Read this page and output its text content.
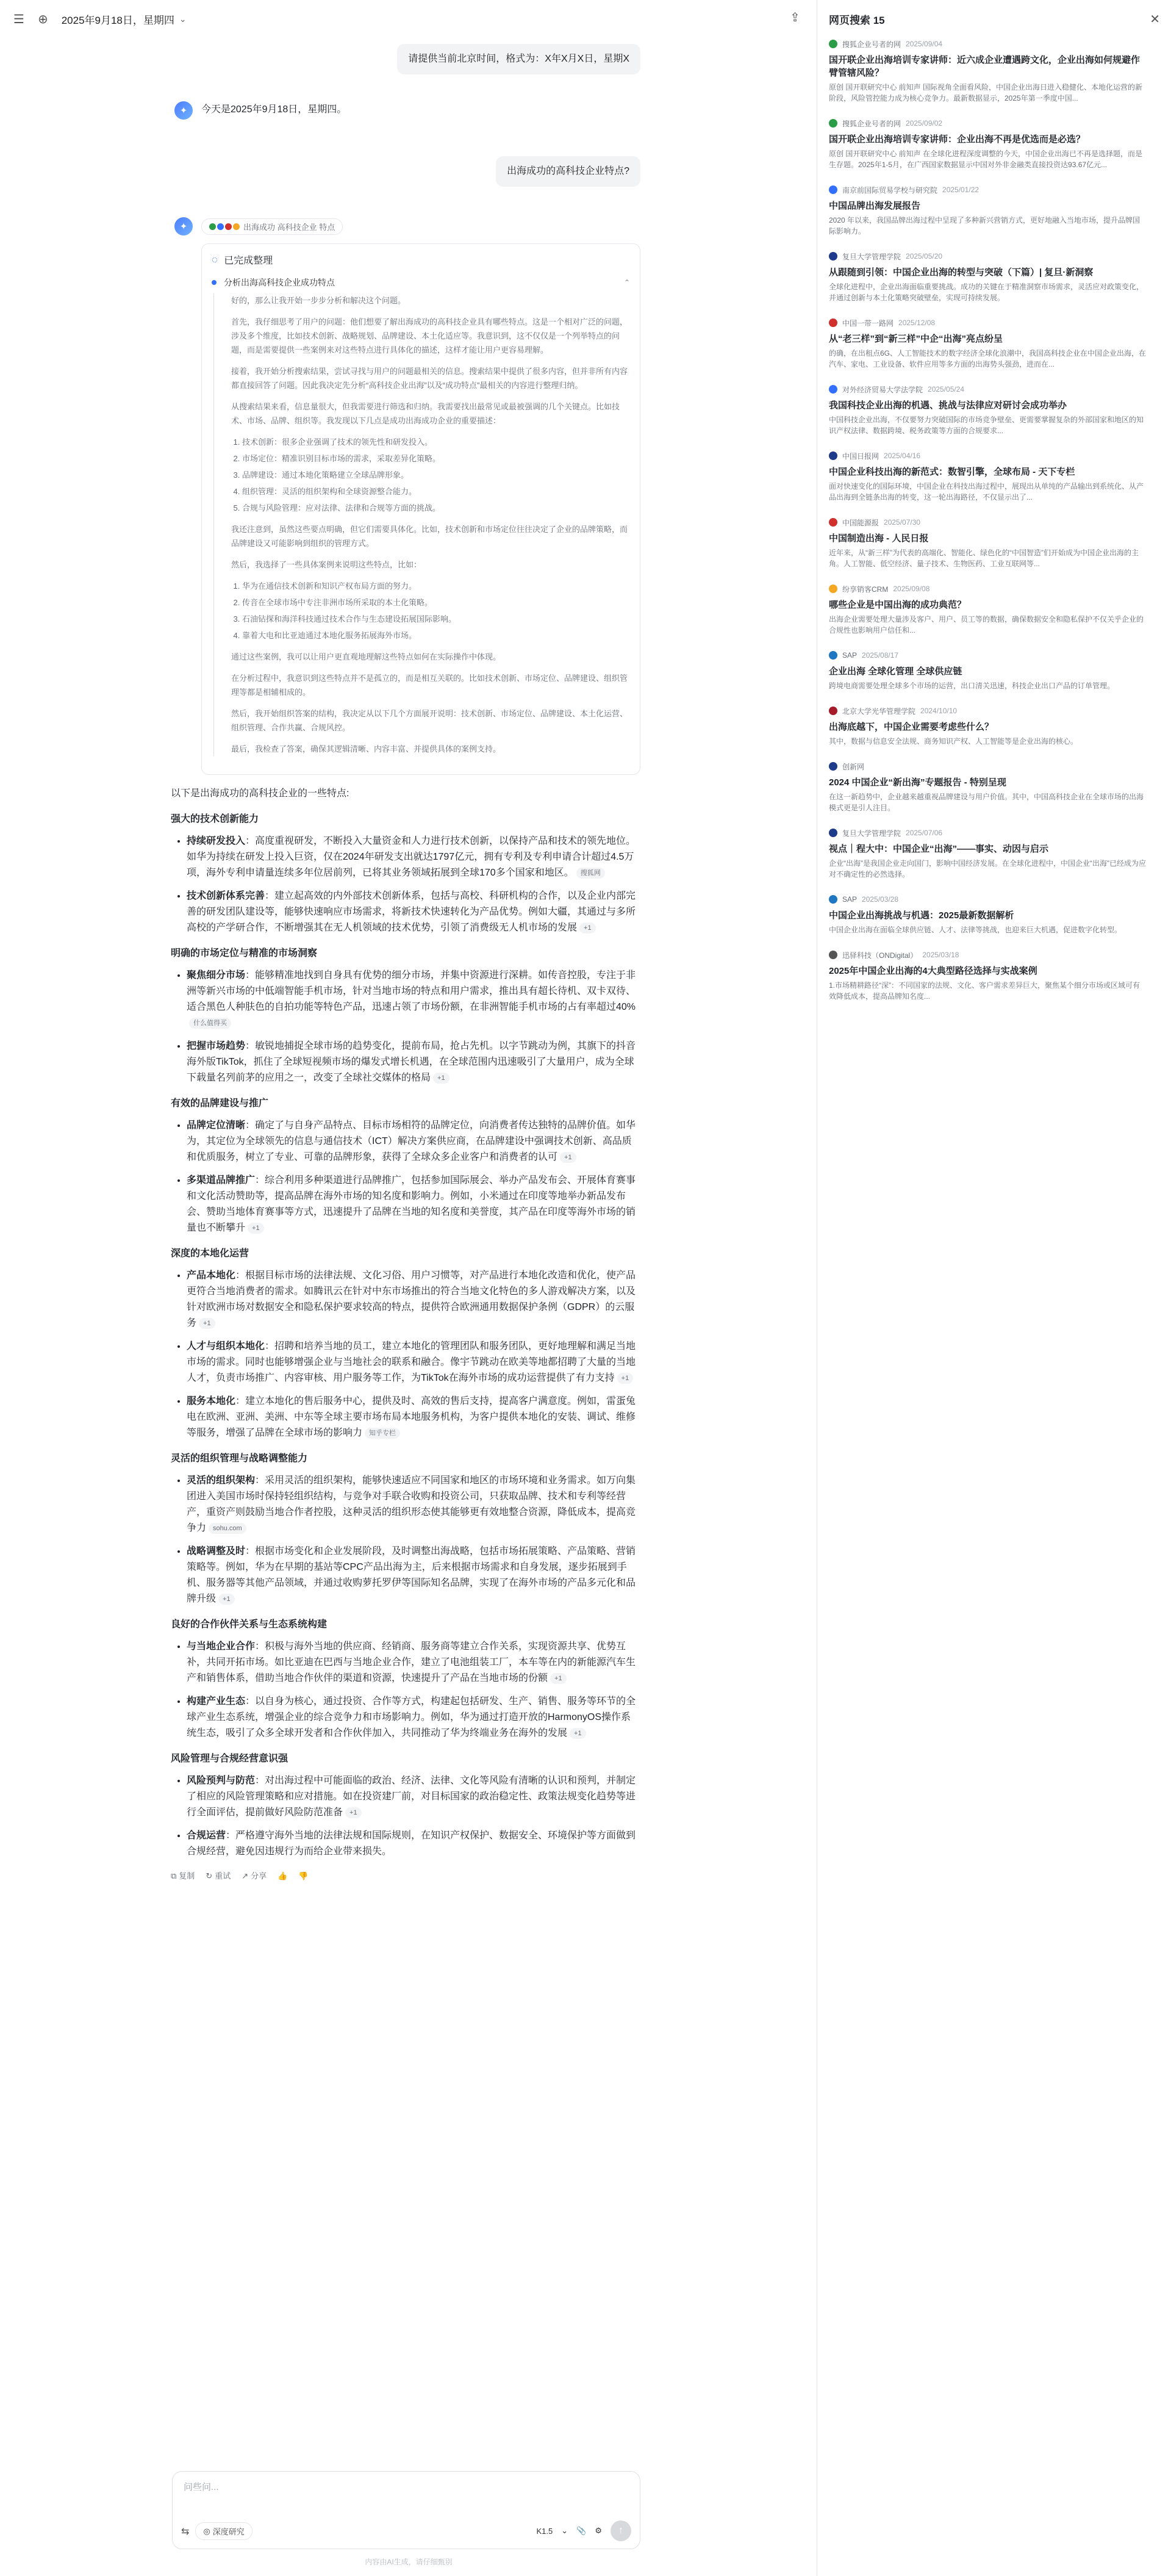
☰ ⊕ 2025年9月18日，星期四 ⌄	⇪
请提供当前北京时间，格式为：X年X月X日，星期X
✦	今天是2025年9月18日，星期四。
出海成功的高科技企业特点?
✦	出海成功 高科技企业 特点
◌ 已完成整理
分析出海高科技企业成功特点	⌃

好的，那么让我开始一步步分析和解决这个问题。

首先，我仔细思考了用户的问题：他们想要了解出海成功的高科技企业具有哪些特点。这是一个相对广泛的问题，涉及多个维度，比如技术创新、战略规划、品牌建设、本土化适应等。我意识到，这不仅仅是一个列举特点的问题，而是需要提供一些案例来对这些特点进行具体化的描述，这样才能让用户更容易理解。

接着，我开始分析搜索结果，尝试寻找与用户的问题最相关的信息。搜索结果中提供了很多内容，但并非所有内容都直接回答了问题。因此我决定先分析“高科技企业出海”以及“成功特点”最相关的内容进行整理归纳。

从搜索结果来看，信息量很大，但我需要进行筛选和归纳。我需要找出最常见或最被强调的几个关键点。比如技术、市场、品牌、组织等。我发现以下几点是成功出海成功企业的重要描述：

1. 技术创新：很多企业强调了技术的领先性和研发投入。
2. 市场定位：精准识别目标市场的需求，采取差异化策略。
3. 品牌建设：通过本地化策略建立全球品牌形象。
4. 组织管理：灵活的组织架构和全球资源整合能力。
5. 合规与风险管理：应对法律、法律和合规等方面的挑战。

我还注意到，虽然这些要点明确，但它们需要具体化。比如，技术创新和市场定位往往决定了企业的品牌策略，而品牌建设又可能影响到组织的管理方式。

然后，我选择了一些具体案例来说明这些特点，比如：

1. 华为在通信技术创新和知识产权布局方面的努力。
2. 传音在全球市场中专注非洲市场所采取的本土化策略。
3. 石油钻探和海洋科技通过技术合作与生态建设拓展国际影响。
4. 靠着大电和比亚迪通过本地化服务拓展海外市场。

通过这些案例，我可以让用户更直观地理解这些特点如何在实际操作中体现。

在分析过程中，我意识到这些特点并不是孤立的，而是相互关联的。比如技术创新、市场定位、品牌建设、组织管理等都是相辅相成的。

然后，我开始组织答案的结构，我决定从以下几个方面展开说明：技术创新、市场定位、品牌建设、本土化运营、组织管理、合作共赢、合规风控。

最后，我检查了答案，确保其逻辑清晰、内容丰富、并提供具体的案例支持。

以下是出海成功的高科技企业的一些特点:
强大的技术创新能力
• 持续研发投入：高度重视研发，不断投入大量资金和人力进行技术创新，以保持产品和技术的领先地位。如华为持续在研发上投入巨资，仅在2024年研发支出就达1797亿元，拥有专利及专利申请合计超过4.5万项，海外专利申请量连续多年位居前列，已将其业务领域拓展到全球170多个国家和地区。 搜狐网
• 技术创新体系完善：建立起高效的内外部技术创新体系，包括与高校、科研机构的合作，以及企业内部完善的研发团队建设等，能够快速响应市场需求，将新技术快速转化为产品优势。例如大疆，其通过与多所高校的产学研合作，不断增强其在无人机领域的技术优势，引领了消费级无人机市场的发展 +1
明确的市场定位与精准的市场洞察
• 聚焦细分市场：能够精准地找到自身具有优势的细分市场，并集中资源进行深耕。如传音控股，专注于非洲等新兴市场的中低端智能手机市场，针对当地市场的特点和用户需求，推出具有超长待机、双卡双待、适合黑色人种肤色的自拍功能等特色产品，迅速占领了市场份额，在非洲智能手机市场的占有率超过40%什么值得买
• 把握市场趋势：敏锐地捕捉全球市场的趋势变化，提前布局，抢占先机。以字节跳动为例，其旗下的抖音海外版TikTok，抓住了全球短视频市场的爆发式增长机遇，在全球范围内迅速吸引了大量用户，成为全球下载量名列前茅的应用之一，改变了全球社交媒体的格局 +1
有效的品牌建设与推广
• 品牌定位清晰：确定了与自身产品特点、目标市场相符的品牌定位，向消费者传达独特的品牌价值。如华为，其定位为全球领先的信息与通信技术（ICT）解决方案供应商，在品牌建设中强调技术创新、高品质和优质服务，树立了专业、可靠的品牌形象，获得了全球众多企业客户和消费者的认可 +1
• 多渠道品牌推广：综合利用多种渠道进行品牌推广，包括参加国际展会、举办产品发布会、开展体育赛事和文化活动赞助等，提高品牌在海外市场的知名度和影响力。例如，小米通过在印度等地举办新品发布会、赞助当地体育赛事等方式，迅速提升了品牌在当地的知名度和美誉度，其产品在印度等海外市场的销量也不断攀升 +1
深度的本地化运营
• 产品本地化：根据目标市场的法律法规、文化习俗、用户习惯等，对产品进行本地化改造和优化，使产品更符合当地消费者的需求。如腾讯云在针对中东市场推出的符合当地文化特色的多人游戏解决方案，以及针对欧洲市场对数据安全和隐私保护要求较高的特点，提供符合欧洲通用数据保护条例（GDPR）的云服务 +1
• 人才与组织本地化：招聘和培养当地的员工，建立本地化的管理团队和服务团队，更好地理解和满足当地市场的需求。同时也能够增强企业与当地社会的联系和融合。像宇节跳动在欧美等地都招聘了大量的当地人才，负责市场推广、内容审核、用户服务等工作，为TikTok在海外市场的成功运营提供了有力支持 +1
• 服务本地化：建立本地化的售后服务中心，提供及时、高效的售后支持，提高客户满意度。例如，雷蛋兔电在欧洲、亚洲、美洲、中东等全球主要市场布局本地服务机构，为客户提供本地化的安装、调试、维修等服务，增强了品牌在全球市场的影响力 知乎专栏
灵活的组织管理与战略调整能力
• 灵活的组织架构：采用灵活的组织架构，能够快速适应不同国家和地区的市场环境和业务需求。如万向集团进入美国市场时保持轻组织结构，与竞争对手联合收购和投资公司，只获取品牌、技术和专利等经营产，重资产则鼓励当地合作者控股，这种灵活的组织形态使其能够更有效地整合资源，降低成本，提高竞争力 sohu.com
• 战略调整及时：根据市场变化和企业发展阶段，及时调整出海战略，包括市场拓展策略、产品策略、营销策略等。例如，华为在早期的基站等CPC产品出海为主，后来根据市场需求和自身发展，逐步拓展到手机、服务器等其他产品领域，并通过收购萝托罗伊等国际知名品牌，实现了在海外市场的产品多元化和品牌升级 +1
良好的合作伙伴关系与生态系统构建
• 与当地企业合作：积极与海外当地的供应商、经销商、服务商等建立合作关系，实现资源共享、优势互补，共同开拓市场。如比亚迪在巴西与当地企业合作，建立了电池组装工厂，本车等在内的新能源汽车生产和销售体系，借助当地合作伙伴的渠道和资源，快速提升了产品在当地市场的份额 +1
• 构建产业生态：以自身为核心，通过投资、合作等方式，构建起包括研发、生产、销售、服务等环节的全球产业生态系统，增强企业的综合竞争力和市场影响力。例如，华为通过打造开放的HarmonyOS操作系统生态，吸引了众多全球开发者和合作伙伴加入，共同推动了华为终端业务在海外的发展 +1
风险管理与合规经营意识强
• 风险预判与防范：对出海过程中可能面临的政治、经济、法律、文化等风险有清晰的认识和预判，并制定了相应的风险管理策略和应对措施。如在投资建厂前，对目标国家的政治稳定性、政策法规变化趋势等进行全面评估，提前做好风险防范准备 +1
• 合规运营：严格遵守海外当地的法律法规和国际规则，在知识产权保护、数据安全、环境保护等方面做到合规经营，避免因违规行为而给企业带来损失。
⧉ 复制 ↻ 重试 ↗ 分享 👍 👎
问些问...
⇆ ◎ 深度研究	K1.5 ⌄ 📎 ⚙	↑
内容由AI生成，请仔细甄别
网页搜索 15	✕
搜狐企业号者的网 2025/09/04
国开联企业出海培训专家讲师：近六成企业遭遇跨文化，企业出海如何规避作臂管辖风险？
原创 国开联研究中心 前知声 国际视角全面看风险，中国企业出海日进入稳健化、本地化运营的新阶段，风险管控能力成为核心竞争力。最新数据显示，2025年第一季度中国...
搜狐企业号者的网 2025/09/02
国开联企业出海培训专家讲师：企业出海不再是优选而是必选？
原创 国开联研究中心 前知声 在全球化进程深度调整的今天，中国企业出海已不再是选择题，而是生存题。2025年1-5月，在广西国家数据显示中国对外非金融类直接投资达93.67亿元...
南京前国际贸易学校与研究院 2025/01/22
中国品牌出海发展报告
2020 年以来，我国品牌出海过程中呈现了多种新兴营销方式，更好地融入当地市场，提升品牌国际影响力。
复旦大学管理学院 2025/05/20
从跟随到引领：中国企业出海的转型与突破（下篇）| 复旦·新洞察
全球化进程中，企业出海面临重要挑战。成功的关键在于精准洞察市场需求，灵活应对政策变化，并通过创新与本土化策略突破壁垒，实现可持续发展。
中国一带一路网 2025/12/08
从“老三样”到“新三样”中企“出海”亮点纷呈
的确，在出租点6G、人工智能技术的数字经济全球化浪潮中，我国高科技企业在中国企业出海，在汽车、家电、工业设备、软件应用等多方面的出海势头强劲，进而在...
对外经济贸易大学法学院 2025/05/24
我国科技企业出海的机遇、挑战与法律应对研讨会成功举办
中国科技企业出海，不仅要努力突破国际的市场竞争壁垒、更需要掌握复杂的外部国家和地区的知识产权法律、数据跨境、税务政策等方面的合规要求...
中国日报网 2025/04/16
中国企业科技出海的新范式：数智引擎，全球布局 - 天下专栏
面对快速变化的国际环境，中国企业在科技出海过程中，展现出从单纯的产品输出到系统化、从产品出海到全链条出海的转变，这一轮出海路径，不仅显示出了...
中国能源报 2025/07/30
中国制造出海 - 人民日报
近年来，从“新三样”为代表的高端化、智能化、绿色化的“中国智造”们开始成为中国企业出海的主角。人工智能、低空经济、量子技术、生物医药、工业互联网等...
纷享销客CRM 2025/09/08
哪些企业是中国出海的成功典范？
出海企业需要处理大量涉及客户、用户、员工等的数据，确保数据安全和隐私保护不仅关乎企业的合规性也影响用户信任和...
SAP 2025/08/17
企业出海 全球化管理 全球供应链
跨境电商需要处理全球多个市场的运营，出口清关迅速，科技企业出口产品的订单管理。
北京大学光华管理学院 2024/10/10
出海底越下，中国企业需要考虑些什么？
其中，数据与信息安全法规、商务知识产权、人工智能等是企业出海的核心。
创新网
2024 中国企业“新出海”专题报告 - 特别呈现
在这一新趋势中，企业越来越重视品牌建设与用户价值。其中，中国高科技企业在全球市场的出海模式更是引人注目。
复旦大学管理学院 2025/07/06
视点｜程大中：中国企业“出海”——事实、动因与启示
企业“出海”是我国企业走向国门，影响中国经济发展。在全球化进程中，中国企业“出海”已经成为应对不确定性的必然选择。
SAP 2025/03/28
中国企业出海挑战与机遇：2025最新数据解析
中国企业出海在面临全球供应链、人才、法律等挑战，也迎来巨大机遇，促进数字化转型。
迅驿科技（ONDigital） 2025/03/18
2025年中国企业出海的4大典型路径选择与实战案例
1.市场精耕路径“深”：不同国家的法规、文化、客户需求差异巨大，聚焦某个细分市场或区域可有效降低成本，提高品牌知名度...
